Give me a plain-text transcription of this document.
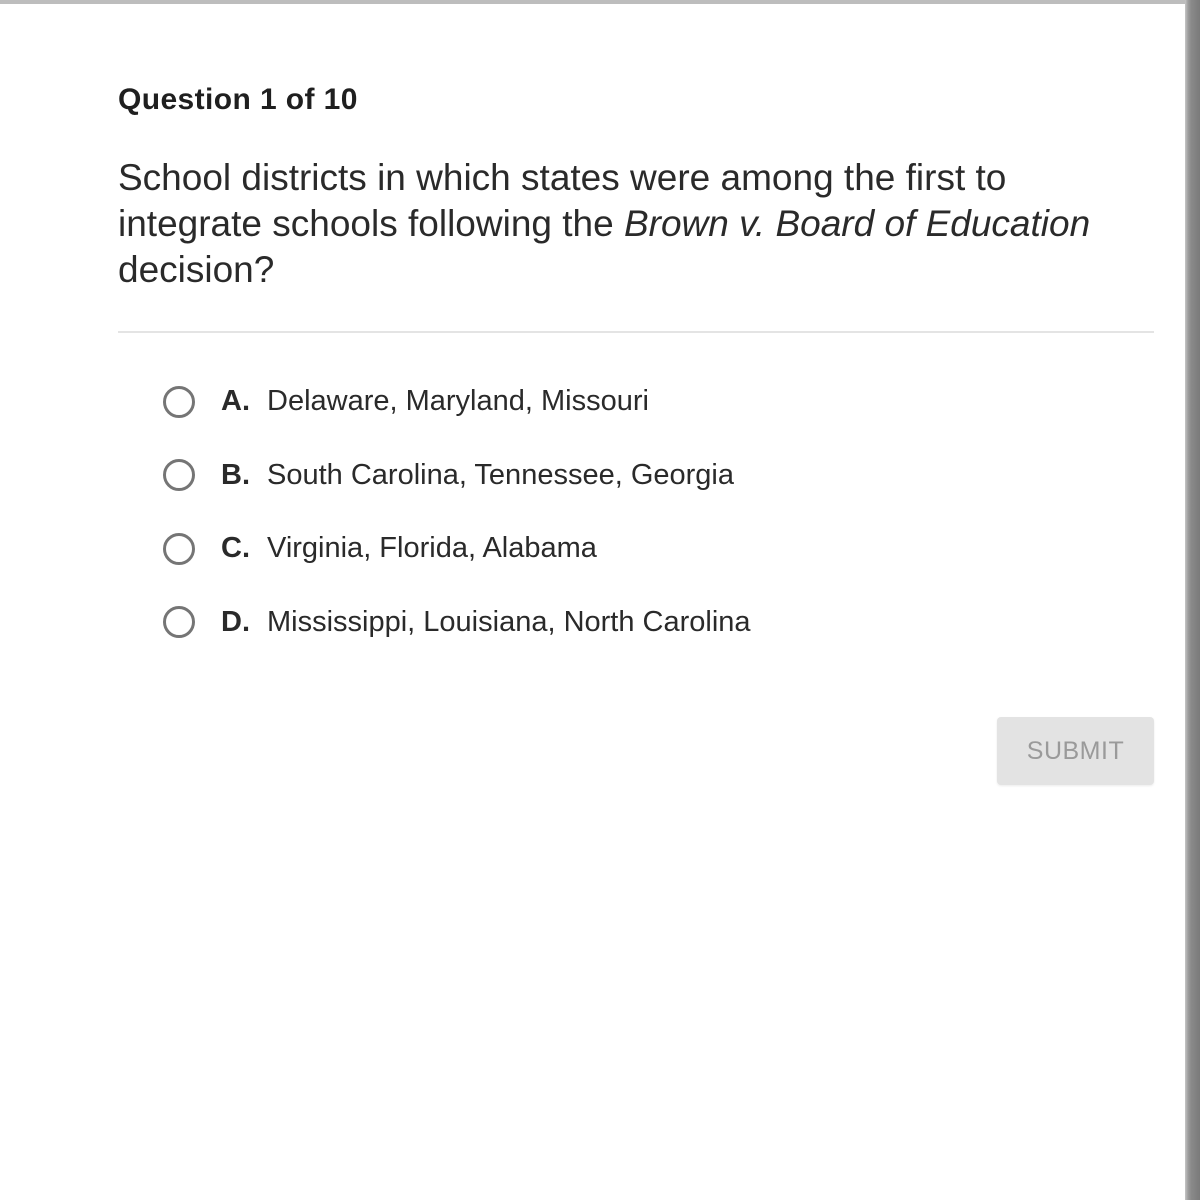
Question 1 of 10
School districts in which states were among the first to integrate schools following the Brown v. Board of Education decision?
A. Delaware, Maryland, Missouri
B. South Carolina, Tennessee, Georgia
C. Virginia, Florida, Alabama
D. Mississippi, Louisiana, North Carolina
SUBMIT
